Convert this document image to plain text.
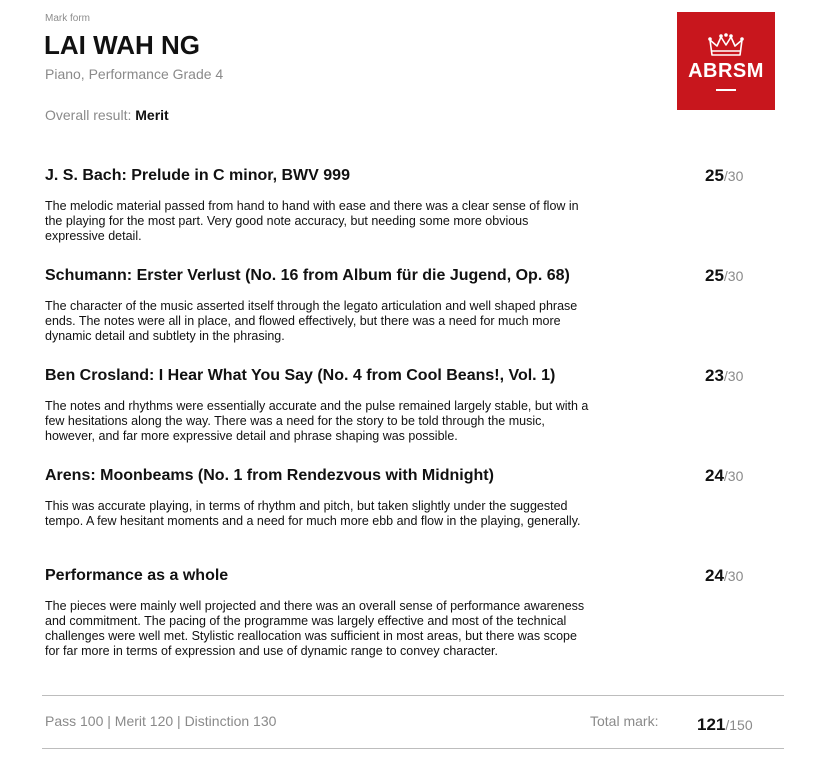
Mark form
LAI WAH NG
Piano, Performance Grade 4
Overall result: Merit
ABRSM
J. S. Bach: Prelude in C minor, BWV 999
The melodic material passed from hand to hand with ease and there was a clear sense of flow in the playing for the most part. Very good note accuracy, but needing some more obvious expressive detail.
25/30
Schumann: Erster Verlust (No. 16 from Album für die Jugend, Op. 68)
The character of the music asserted itself through the legato articulation and well shaped phrase ends. The notes were all in place, and flowed effectively, but there was a need for much more dynamic detail and subtlety in the phrasing.
25/30
Ben Crosland: I Hear What You Say (No. 4 from Cool Beans!, Vol. 1)
The notes and rhythms were essentially accurate and the pulse remained largely stable, but with a few hesitations along the way. There was a need for the story to be told through the music, however, and far more expressive detail and phrase shaping was possible.
23/30
Arens: Moonbeams (No. 1 from Rendezvous with Midnight)
This was accurate playing, in terms of rhythm and pitch, but taken slightly under the suggested tempo. A few hesitant moments and a need for much more ebb and flow in the playing, generally.
24/30
Performance as a whole
The pieces were mainly well projected and there was an overall sense of performance awareness and commitment. The pacing of the programme was largely effective and most of the technical challenges were well met. Stylistic reallocation was sufficient in most areas, but there was scope for far more in terms of expression and use of dynamic range to convey character.
24/30
Pass 100 | Merit 120 | Distinction 130	Total mark: 121/150
